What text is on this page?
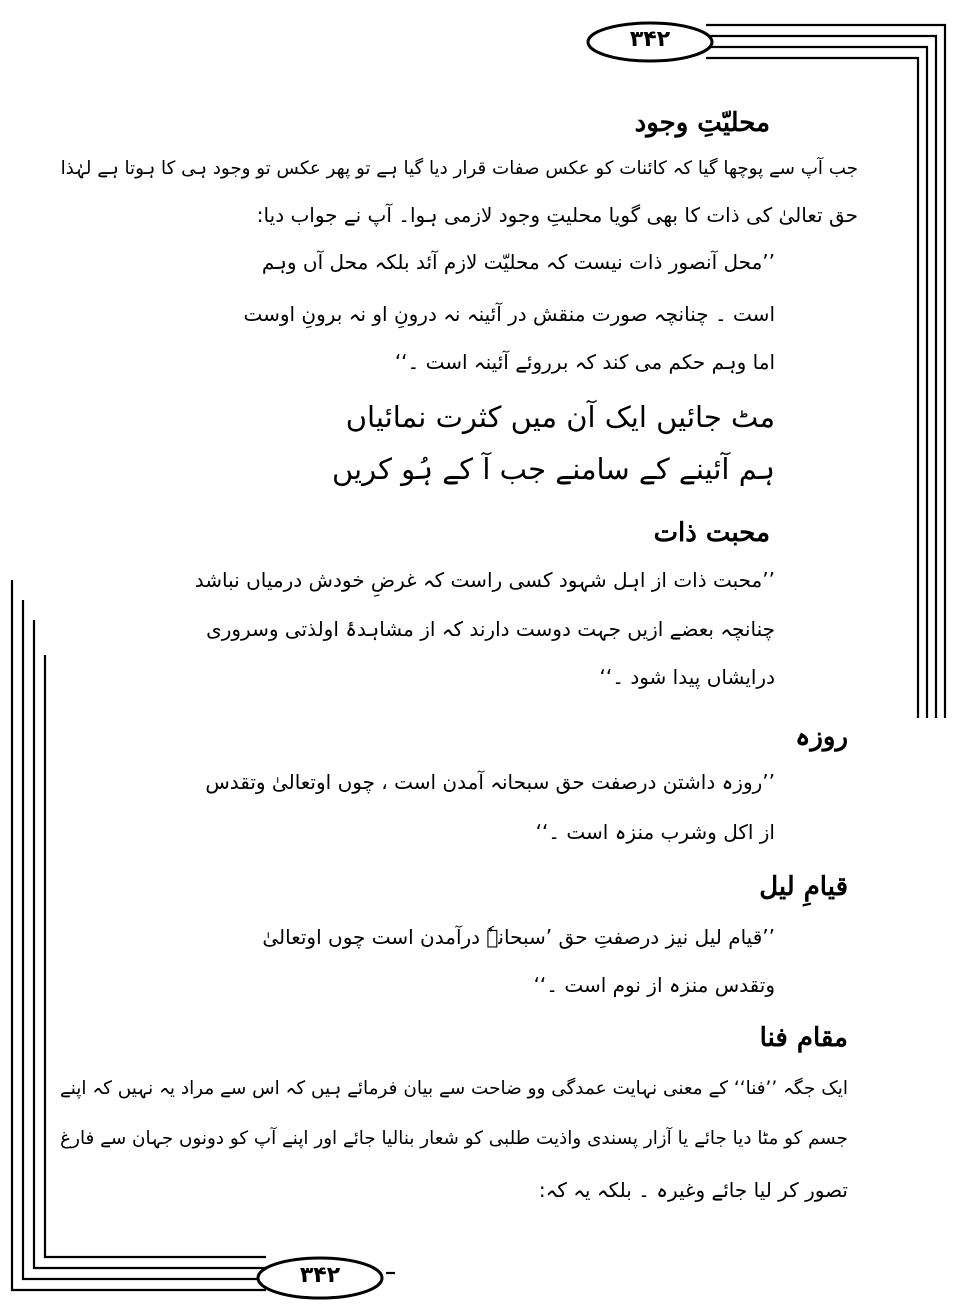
۳۴۲
۳۴۲
محلیّتِ وجود
جب آپ سے پوچھا گیا کہ کائنات کو عکس صفات قرار دیا گیا ہے تو پھر عکس تو وجود ہی کا ہوتا ہے لہٰذا
حق تعالیٰ کی ذات کا بھی گویا محلیتِ وجود لازمی ہوا۔ آپ نے جواب دیا:
’’محل آنصور ذات نیست کہ محلیّت لازم آئد بلکہ محل آں وہم
است ۔ چنانچہ صورت منقش در آئینہ نہ درونِ او نہ برونِ اوست
اما وہم حکم می کند کہ برروئے آئینہ است ۔‘‘
مٹ جائیں ایک آن میں کثرت نمائیاں
ہم آئینے کے سامنے جب آ کے ہُو کریں
محبت ذات
’’محبت ذات از اہل شہود کسی راست کہ غرضِ خودش درمیاں نباشد
چنانچہ بعضے ازیں جہت دوست دارند کہ از مشاہدۂ اولذتی وسروری
درایشاں پیدا شود ۔‘‘
روزہ
’’روزہ داشتن درصفت حق سبحانہ آمدن است ، چوں اوتعالیٰ وتقدس
از اکل وشرب منزہ است ۔‘‘
قیامِ لیل
’’قیام لیل نیز درصفتِ حق ’سبحانہٗ درآمدن است چوں اوتعالیٰ
وتقدس منزہ از نوم است ۔‘‘
مقام فنا
ایک جگہ ’’فنا‘‘ کے معنی نہایت عمدگی وو ضاحت سے بیان فرمائے ہیں کہ اس سے مراد یہ نہیں کہ اپنے
جسم کو مٹا دیا جائے یا آزار پسندی واذیت طلبی کو شعار بنالیا جائے اور اپنے آپ کو دونوں جہان سے فارغ
تصور کر لیا جائے وغیرہ ۔ بلکہ یہ کہ:
